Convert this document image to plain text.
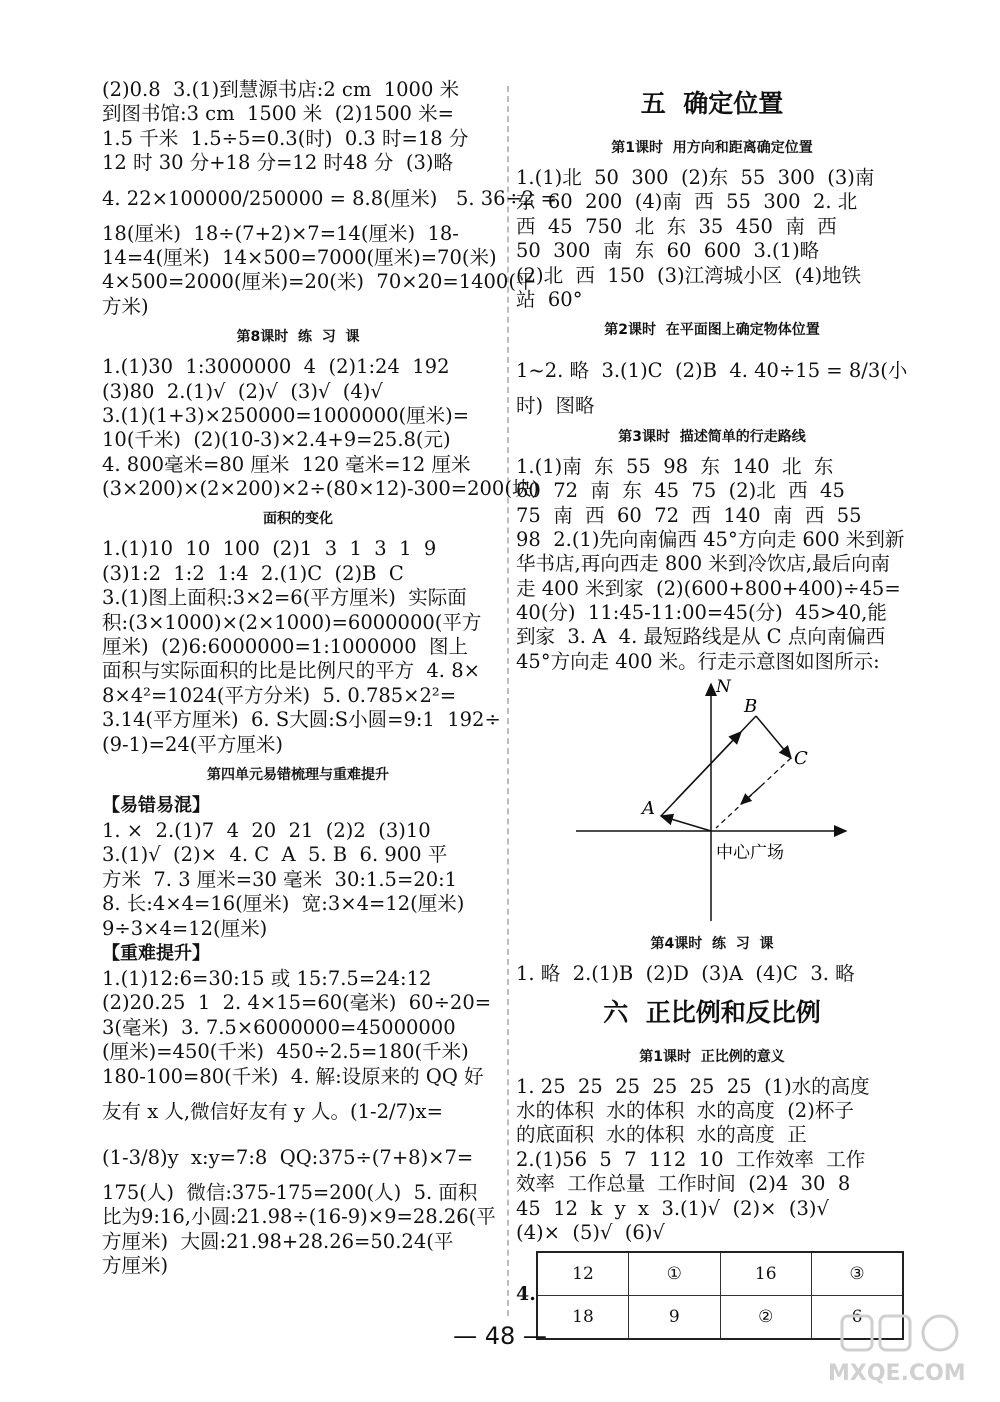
(2)0.8  3.(1)到慧源书店:2 cm  1000 米
到图书馆:3 cm  1500 米  (2)1500 米=
1.5 千米  1.5÷5=0.3(时)  0.3 时=18 分
12 时 30 分+18 分=12 时48 分  (3)略
4. 22×100000/250000 = 8.8(厘米)   5. 36÷2 =
18(厘米)  18÷(7+2)×7=14(厘米)  18-
14=4(厘米)  14×500=7000(厘米)=70(米)
4×500=2000(厘米)=20(米)  70×20=1400(平
方米)
第8课时  练  习  课
1.(1)30  1:3000000  4  (2)1:24  192
(3)80  2.(1)√  (2)√  (3)√  (4)√
3.(1)(1+3)×250000=1000000(厘米)=
10(千米)  (2)(10-3)×2.4+9=25.8(元)
4. 800毫米=80 厘米  120 毫米=12 厘米
(3×200)×(2×200)×2÷(80×12)-300=200(块)
面积的变化
1.(1)10  10  100  (2)1  3  1  3  1  9
(3)1:2  1:2  1:4  2.(1)C  (2)B  C
3.(1)图上面积:3×2=6(平方厘米)  实际面
积:(3×1000)×(2×1000)=6000000(平方
厘米)  (2)6:6000000=1:1000000  图上
面积与实际面积的比是比例尺的平方  4. 8×
8×4²=1024(平方分米)  5. 0.785×2²=
3.14(平方厘米)  6. S大圆:S小圆=9:1  192÷
(9-1)=24(平方厘米)
第四单元易错梳理与重难提升
【易错易混】
1. ×  2.(1)7  4  20  21  (2)2  (3)10
3.(1)√  (2)×  4. C  A  5. B  6. 900 平
方米  7. 3 厘米=30 毫米  30:1.5=20:1
8. 长:4×4=16(厘米)  宽:3×4=12(厘米)
9÷3×4=12(厘米)
【重难提升】
1.(1)12:6=30:15 或 15:7.5=24:12
(2)20.25  1  2. 4×15=60(毫米)  60÷20=
3(毫米)  3. 7.5×6000000=45000000
(厘米)=450(千米)  450÷2.5=180(千米)
180-100=80(千米)  4. 解:设原来的 QQ 好
友有 x 人,微信好友有 y 人。(1-2/7)x=
(1-3/8)y  x:y=7:8  QQ:375÷(7+8)×7=
175(人)  微信:375-175=200(人)  5. 面积
比为9:16,小圆:21.98÷(16-9)×9=28.26(平
方厘米)  大圆:21.98+28.26=50.24(平
方厘米)
五  确定位置
第1课时  用方向和距离确定位置
1.(1)北  50  300  (2)东  55  300  (3)南
东  60  200  (4)南  西  55  300  2. 北
西  45  750  北  东  35  450  南  西
50  300  南  东  60  600  3.(1)略
(2)北  西  150  (3)江湾城小区  (4)地铁
站  60°
第2课时  在平面图上确定物体位置
1~2. 略  3.(1)C  (2)B  4. 40÷15 = 8/3(小
时)  图略
第3课时  描述简单的行走路线
1.(1)南  东  55  98  东  140  北  东
60  72  南  东  45  75  (2)北  西  45
75  南  西  60  72  西  140  南  西  55
98  2.(1)先向南偏西 45°方向走 600 米到新
华书店,再向西走 800 米到冷饮店,最后向南
走 400 米到家  (2)(600+800+400)÷45=
40(分)  11:45-11:00=45(分)  45>40,能
到家  3. A  4. 最短路线是从 C 点向南偏西
45°方向走 400 米。行走示意图如图所示:
N
A
B
C
中心广场
第4课时  练  习  课
1. 略  2.(1)B  (2)D  (3)A  (4)C  3. 略
六  正比例和反比例
第1课时  正比例的意义
1. 25  25  25  25  25  25  (1)水的高度
水的体积  水的体积  水的高度  (2)杯子
的底面积  水的体积  水的高度  正
2.(1)56  5  7  112  10  工作效率  工作
效率  工作总量  工作时间  (2)4  30  8
45  12  k  y  x  3.(1)√  (2)×  (3)√
(4)×  (5)√  (6)√
4.
12	①	16	③
18	9	②	6
— 48 —
MXQE.COM
